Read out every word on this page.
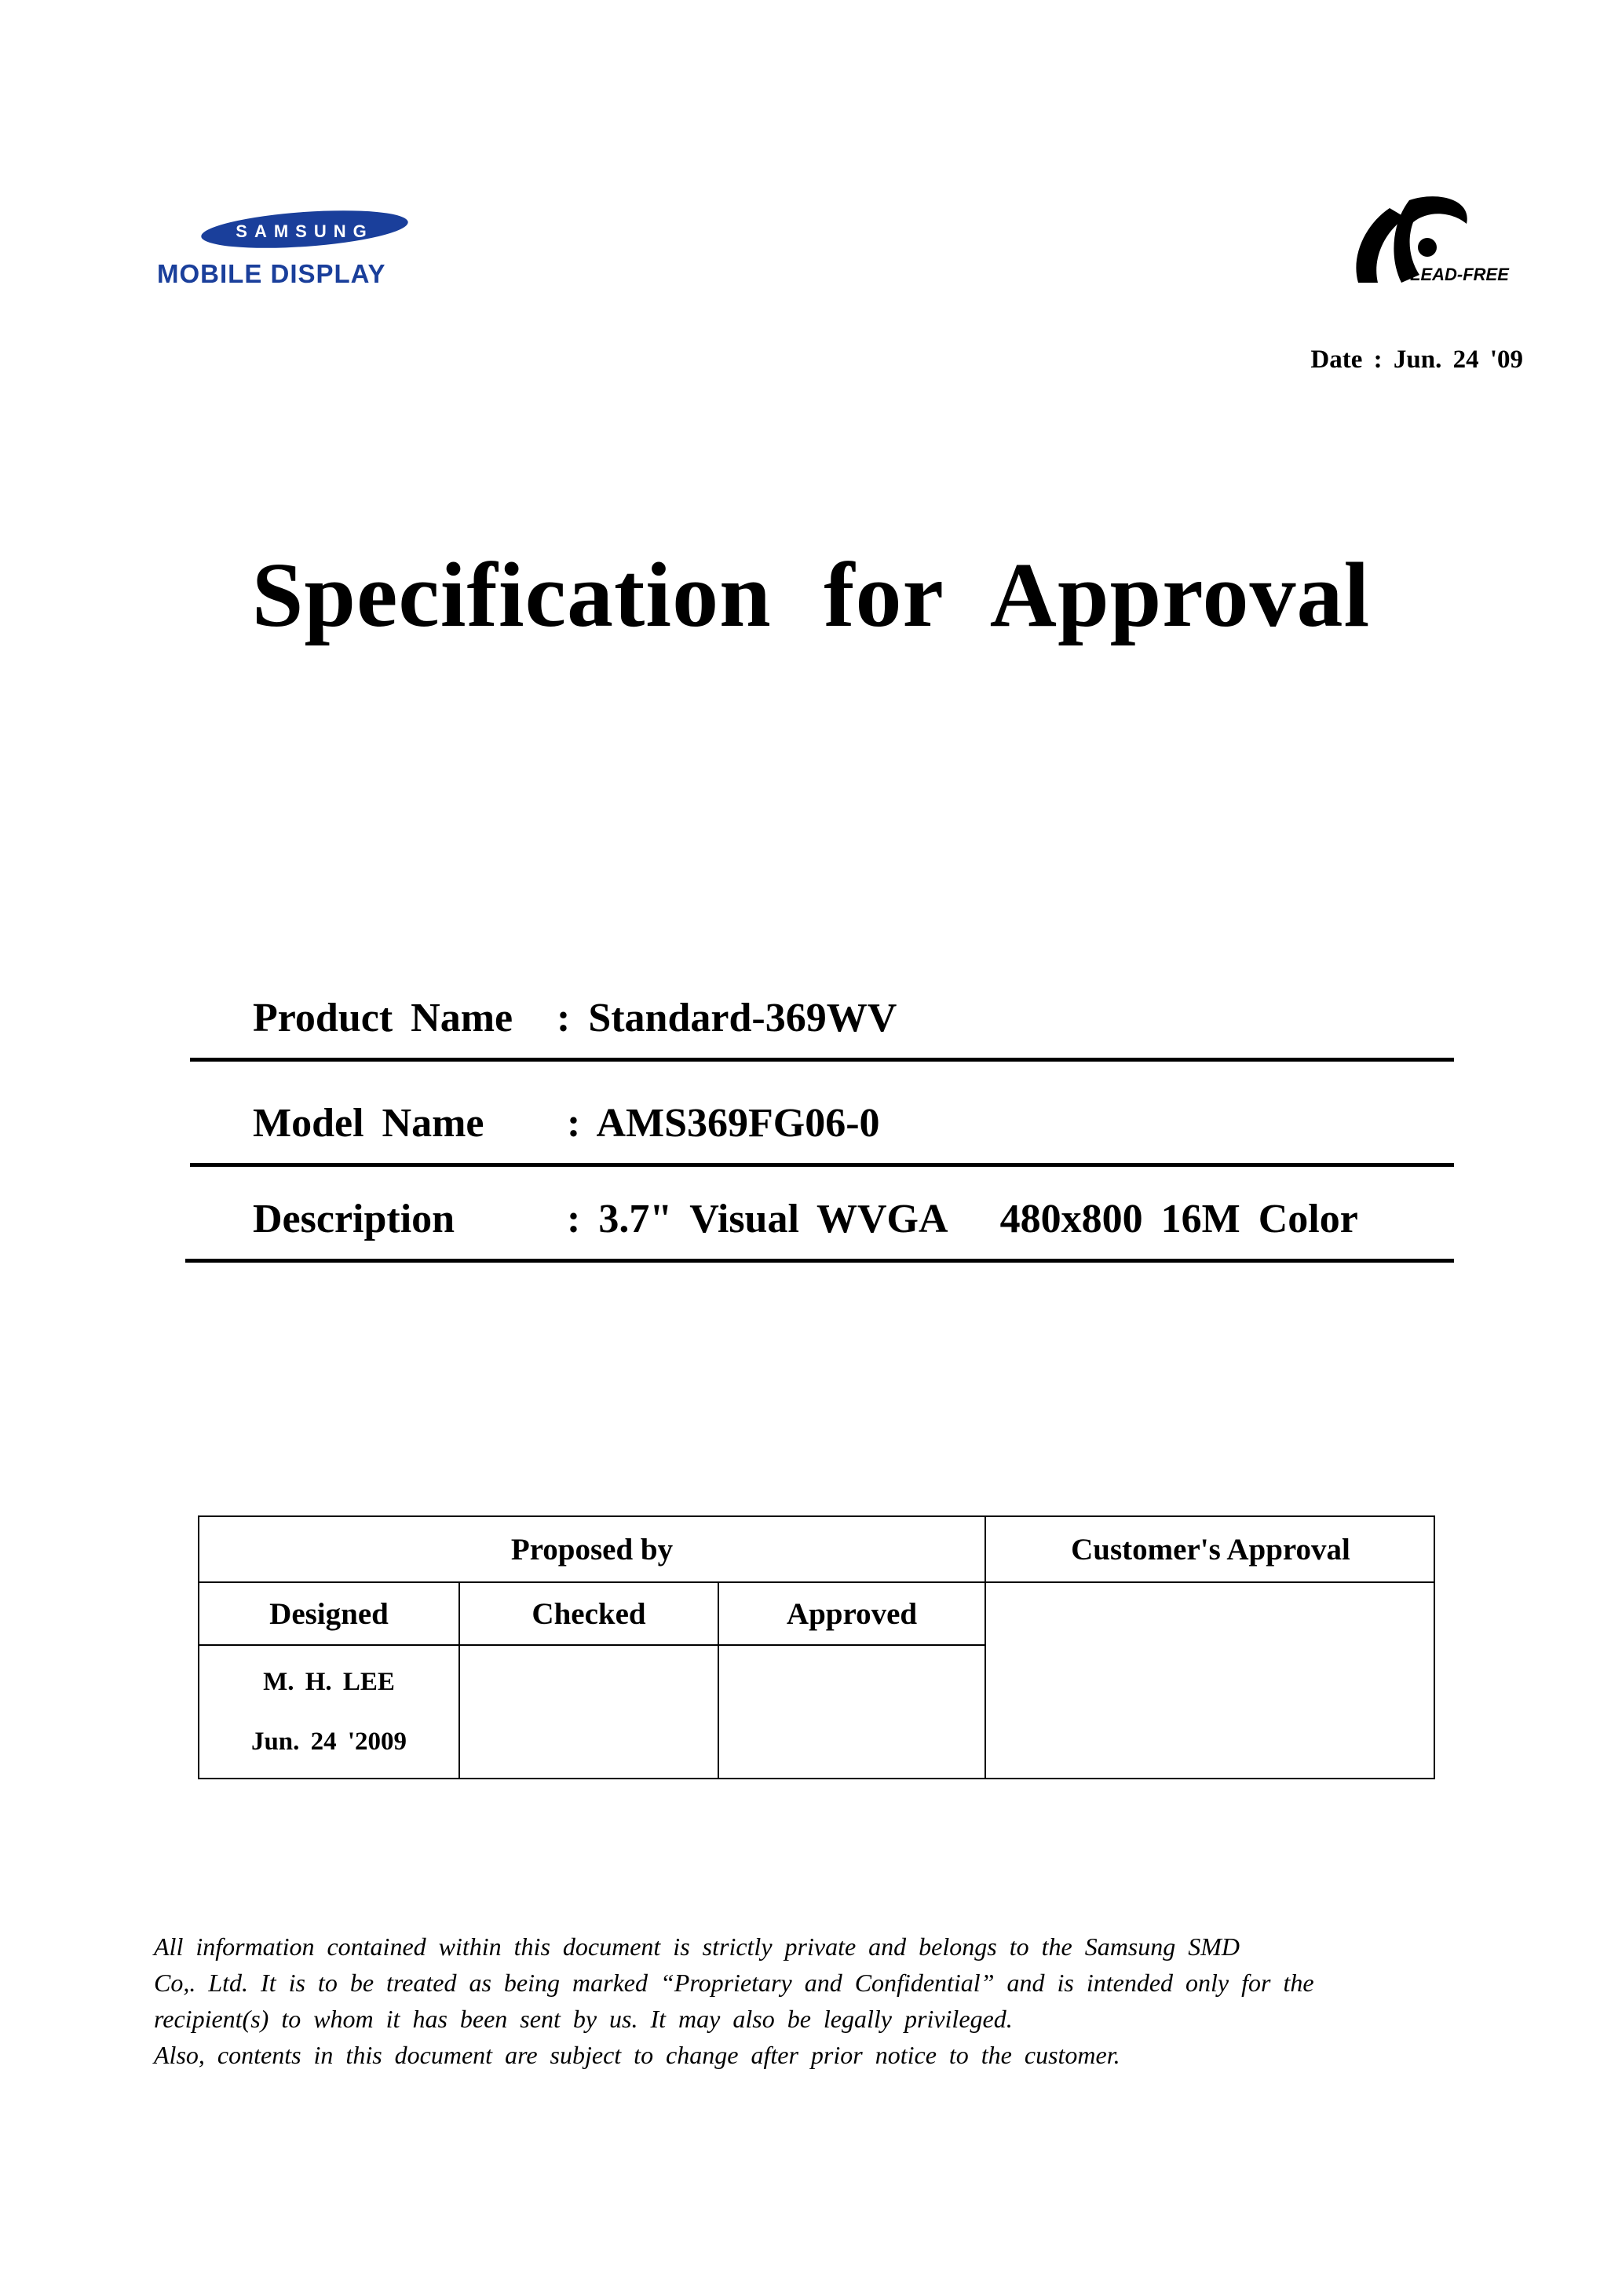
SAMSUNG
MOBILE DISPLAY	LEAD-FREE
Date : Jun. 24 '09
Specification for Approval
Product Name : Standard-369WV
Model Name : AMS369FG06-0
Description	: 3.7" Visual WVGA   480x800 16M Color
Proposed by	Customer's Approval
Designed	Checked	Approved
M. H. LEE
Jun. 24 '2009

All information contained within this document is strictly private and belongs to the Samsung SMD

Co,. Ltd. It is to be treated as being marked “Proprietary and Confidential” and is intended only for the

recipient(s) to whom it has been sent by us. It may also be legally privileged.

Also, contents in this document are subject to change after prior notice to the customer.
